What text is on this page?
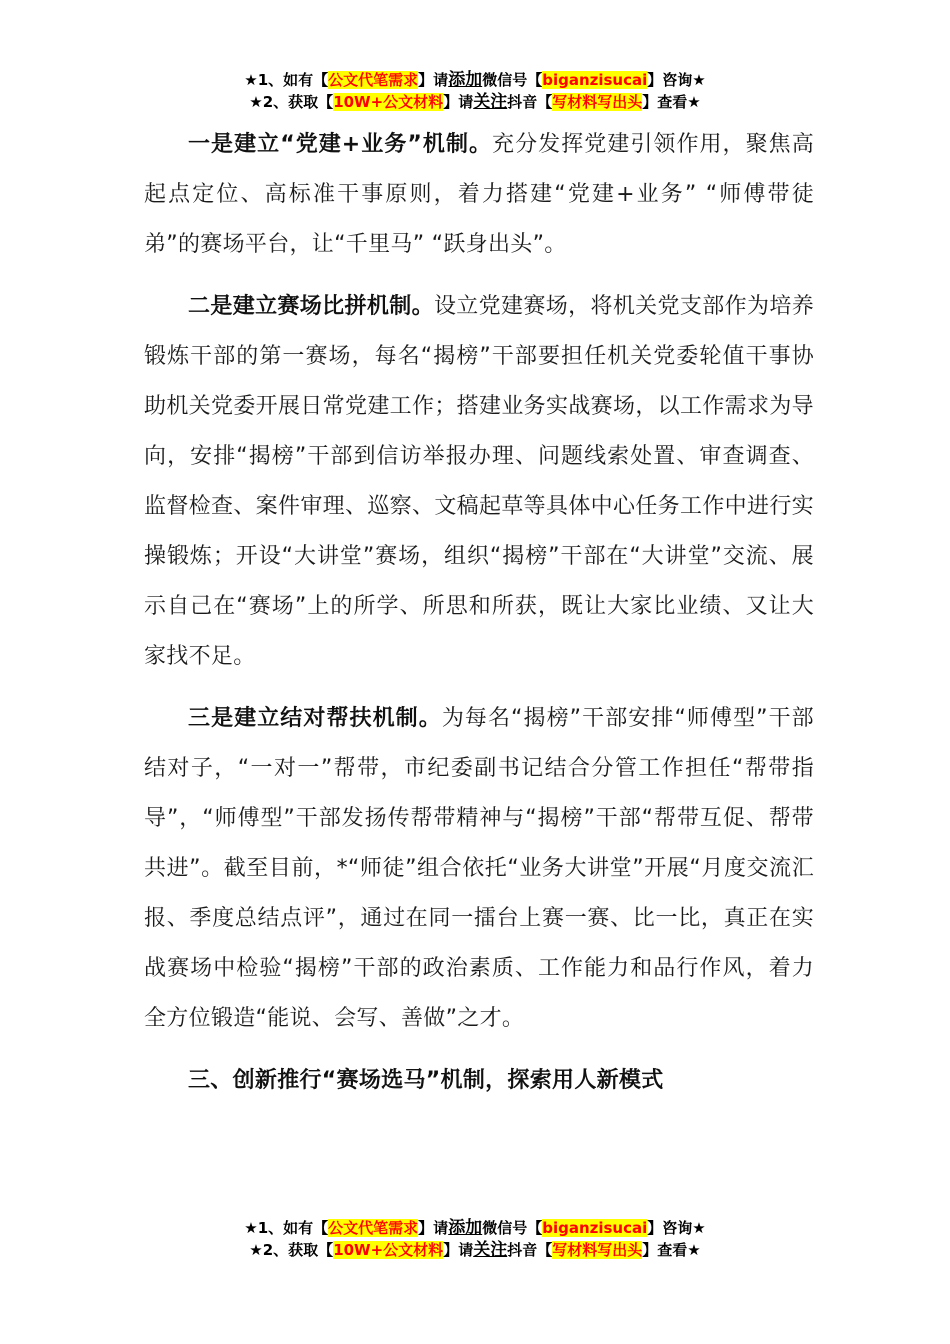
★1、如有【公文代笔需求】请添加微信号【biganzisucai】咨询★
★2、获取【10W+公文材料】请关注抖音【写材料写出头】查看★

一是建立“党建+业务”机制。充分发挥党建引领作用，聚焦高起点定位、高标准干事原则，着力搭建“党建+业务” “师傅带徒弟”的赛场平台，让“千里马” “跃身出头”。

二是建立赛场比拼机制。设立党建赛场，将机关党支部作为培养锻炼干部的第一赛场，每名“揭榜”干部要担任机关党委轮值干事协助机关党委开展日常党建工作；搭建业务实战赛场，以工作需求为导向，安排“揭榜”干部到信访举报办理、问题线索处置、审查调查、监督检查、案件审理、巡察、文稿起草等具体中心任务工作中进行实操锻炼；开设“大讲堂”赛场，组织“揭榜”干部在“大讲堂”交流、展示自己在“赛场”上的所学、所思和所获，既让大家比业绩、又让大家找不足。

三是建立结对帮扶机制。为每名“揭榜”干部安排“师傅型”干部结对子，“一对一”帮带，市纪委副书记结合分管工作担任“帮带指导”，“师傅型”干部发扬传帮带精神与“揭榜”干部“帮带互促、帮带共进”。截至目前，*“师徒”组合依托“业务大讲堂”开展“月度交流汇报、季度总结点评”，通过在同一擂台上赛一赛、比一比，真正在实战赛场中检验“揭榜”干部的政治素质、工作能力和品行作风，着力全方位锻造“能说、会写、善做”之才。

三、创新推行“赛场选马”机制，探索用人新模式

★1、如有【公文代笔需求】请添加微信号【biganzisucai】咨询★
★2、获取【10W+公文材料】请关注抖音【写材料写出头】查看★
